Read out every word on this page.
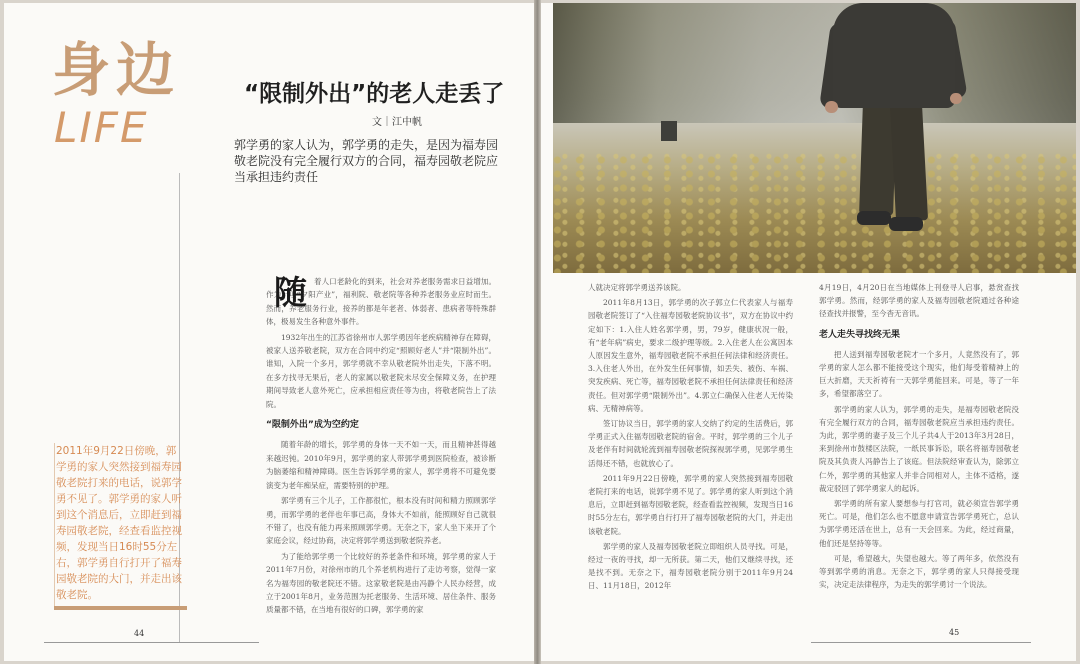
身边
LIFE
“限制外出”的老人走丢了
文｜江中帆
郭学勇的家人认为，郭学勇的走失，是因为福寿园敬老院没有完全履行双方的合同，福寿园敬老院应当承担违约责任

着人口老龄化的到来，社会对养老服务需求日益增加。作为一项“夕阳产业”，福利院、敬老院等各种养老服务业应时而生。然而，养老服务行业，接养的都是年老者、体弱者、患病者等特殊群体，极易发生各种意外事件。

1932年出生的江苏省徐州市人郭学勇因年老疾病精神存在障碍，被家人送养敬老院，双方在合同中约定“照顾好老人”并“限制外出”。谁知，入院一个多月，郭学勇就不幸从敬老院外出走失，下落不明。在多方找寻无果后，老人的家属以敬老院未尽安全保障义务，在护理期间导致老人意外死亡，应承担相应责任等为由，将敬老院告上了法院。

“限制外出”成为空约定

随着年龄的增长，郭学勇的身体一天不如一天，而且精神甚得越来越迟钝。2010年9月，郭学勇的家人带郭学勇到医院检查，被诊断为脑萎缩和精神障碍。医生告诉郭学勇的家人，郭学勇将不可避免要演变为老年痴呆症，需要特别的护理。

郭学勇有三个儿子，工作都很忙，根本没有时间和精力照顾郭学勇，而郭学勇的老伴也年事已高，身体大不如前，能照顾好自己就很不错了，也没有能力再来照顾郭学勇。无奈之下，家人坐下来开了个家庭会议，经过协商，决定将郭学勇送到敬老院养老。

为了能给郭学勇一个比较好的养老条件和环境，郭学勇的家人于2011年7月份，对徐州市的几个养老机构进行了走访考察，觉得一家名为福寿园的敬老院还不错。这家敬老院是由冯静个人民办经营，成立于2001年8月，业务范围为托老服务、生活环境、居住条件、服务质量都不错，在当地有很好的口碑，郭学勇的家

随
2011年9月22日傍晚，郭学勇的家人突然接到福寿园敬老院打来的电话，说郭学勇不见了。郭学勇的家人听到这个消息后，立即赶到福寿园敬老院，经查看监控视频，发现当日16时55分左右，郭学勇自行打开了福寿园敬老院的大门，并走出该敬老院。
44

人就决定将郭学勇送养该院。

2011年8月13日，郭学勇的次子郭立仁代表家人与福寿园敬老院签订了“入住福寿园敬老院协议书”，双方在协议中约定如下：1.入住人姓名郭学勇，男，79岁，健康状况一般，有“老年病”病史，要求二级护理等级。2.入住老人在公寓因本人原因发生意外，福寿园敬老院不承担任何法律和经济责任。3.入住老人外出，在外发生任何事情，如丢失、被伤、车祸、突发疾病、死亡等，福寿园敬老院不承担任何法律责任和经济责任。但对郭学勇“限制外出”。4.郭立仁确保入住老人无传染病、无精神病等。

签订协议当日，郭学勇的家人交纳了约定的生活费后，郭学勇正式入住福寿园敬老院的宿舍。平时，郭学勇的三个儿子及老伴有时间就轮流到福寿园敬老院探视郭学勇，见郭学勇生活得还不错，也就放心了。

2011年9月22日傍晚，郭学勇的家人突然接到福寿园敬老院打来的电话，说郭学勇不见了。郭学勇的家人听到这个消息后，立即赶到福寿园敬老院，经查看监控视频，发现当日16时55分左右，郭学勇自行打开了福寿园敬老院的大门，并走出该敬老院。

郭学勇的家人及福寿园敬老院立即组织人员寻找。可是，经过一夜的寻找，却一无所获。第二天，他们又继续寻找，还是找不到。无奈之下，福寿园敬老院分别于2011年9月24日、11月18日，2012年

4月19日，4月20日在当地媒体上刊登寻人启事，悬赏查找郭学勇。然而，经郭学勇的家人及福寿园敬老院通过各种途径查找并报警，至今杳无音讯。

老人走失寻找终无果

把人送到福寿园敬老院才一个多月，人竟然没有了，郭学勇的家人怎么都不能接受这个现实，他们每受着精神上的巨大折磨，天天祈祷有一天郭学勇能回来。可是，等了一年多，希望都落空了。

郭学勇的家人认为，郭学勇的走失，是福寿园敬老院没有完全履行双方的合同，福寿园敬老院应当承担违约责任。为此，郭学勇的妻子及三个儿子共4人于2013年3月28日，来到徐州市鼓楼区法院，一纸民事诉讼，联名将福寿园敬老院及其负责人冯静告上了该庭。但法院经审查认为，除郭立仁外，郭学勇的其他家人并非合同相对人，主体不适格，遂裁定驳回了郭学勇家人的起诉。

郭学勇的所有家人要想参与打官司，就必须宣告郭学勇死亡。可是，他们怎么也不愿意申请宣告郭学勇死亡，总认为郭学勇还活在世上，总有一天会回来。为此，经过商量，他们还是坚持等等。

可是，希望越大，失望也越大。等了两年多，依然没有等到郭学勇的消息。无奈之下，郭学勇的家人只得接受现实，决定走法律程序，为走失的郭学勇讨一个说法。

45
